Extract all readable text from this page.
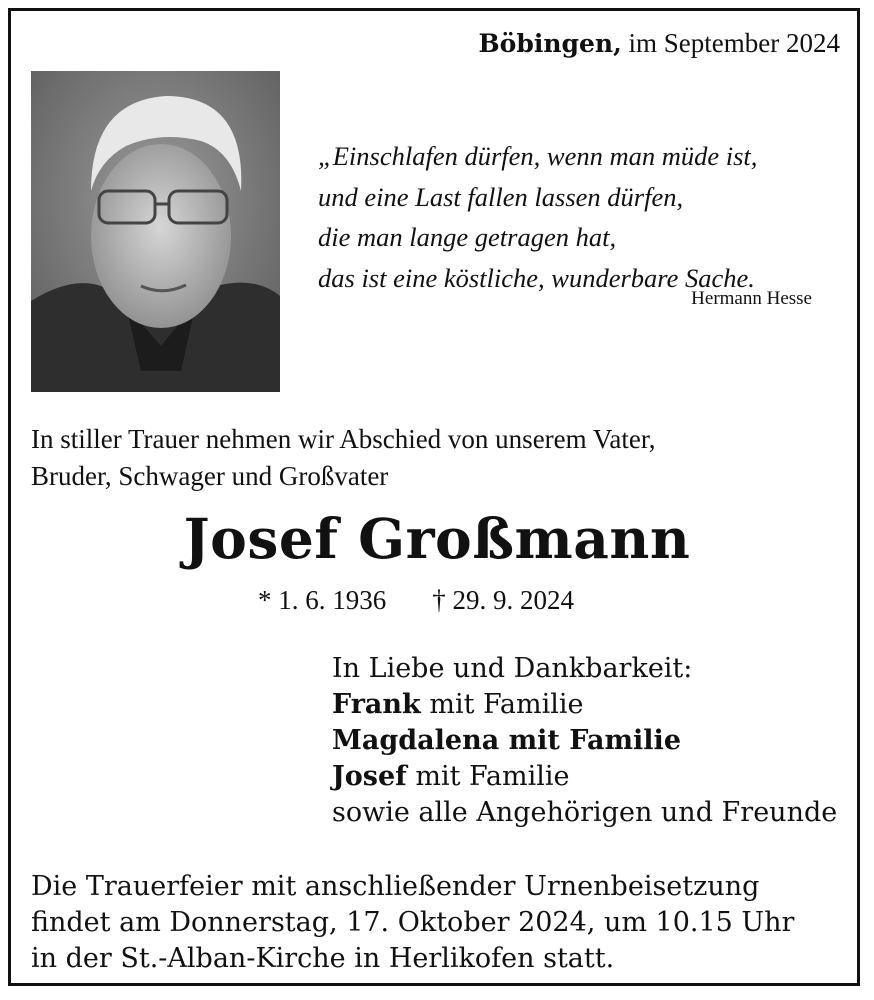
Böbingen, im September 2024
„Einschlafen dürfen, wenn man müde ist,
und eine Last fallen lassen dürfen,
die man lange getragen hat,
das ist eine köstliche, wunderbare Sache.
Hermann Hesse
In stiller Trauer nehmen wir Abschied von unserem Vater,
Bruder, Schwager und Großvater
Josef Großmann
* 1. 6. 1936 † 29. 9. 2024
In Liebe und Dankbarkeit:
Frank mit Familie
Magdalena mit Familie
Josef mit Familie
sowie alle Angehörigen und Freunde
Die Trauerfeier mit anschließender Urnenbeisetzung
findet am Donnerstag, 17. Oktober 2024, um 10.15 Uhr
in der St.-Alban-Kirche in Herlikofen statt.
